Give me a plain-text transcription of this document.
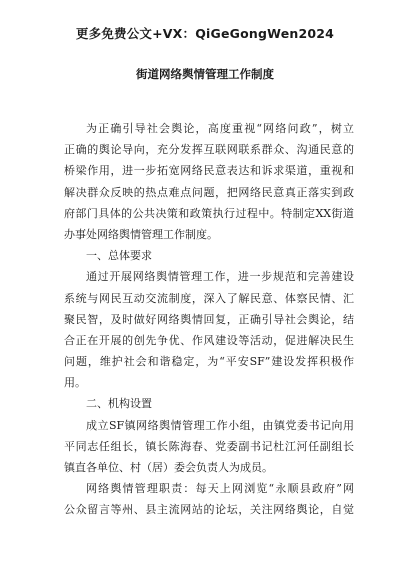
更多免费公文+VX：QiGeGongWen2024
街道网络舆情管理工作制度
为正确引导社会舆论，高度重视“网络问政”，树立
正确的舆论导向，充分发挥互联网联系群众、沟通民意的
桥梁作用，进一步拓宽网络民意表达和诉求渠道，重视和
解决群众反映的热点难点问题，把网络民意真正落实到政
府部门具体的公共决策和政策执行过程中。特制定XX街道
办事处网络舆情管理工作制度。
一、总体要求
通过开展网络舆情管理工作，进一步规范和完善建设
系统与网民互动交流制度，深入了解民意、体察民情、汇
聚民智，及时做好网络舆情回复，正确引导社会舆论，结
合正在开展的创先争优、作风建设等活动，促进解决民生
问题，维护社会和谐稳定，为“平安SF”建设发挥积极作
用。
二、机构设置
成立SF镇网络舆情管理工作小组，由镇党委书记向用
平同志任组长，镇长陈海春、党委副书记杜江河任副组长
镇直各单位、村（居）委会负责人为成员。
网络舆情管理职责：每天上网浏览“永顺县政府”网
公众留言等州、县主流网站的论坛，关注网络舆论，自觉
